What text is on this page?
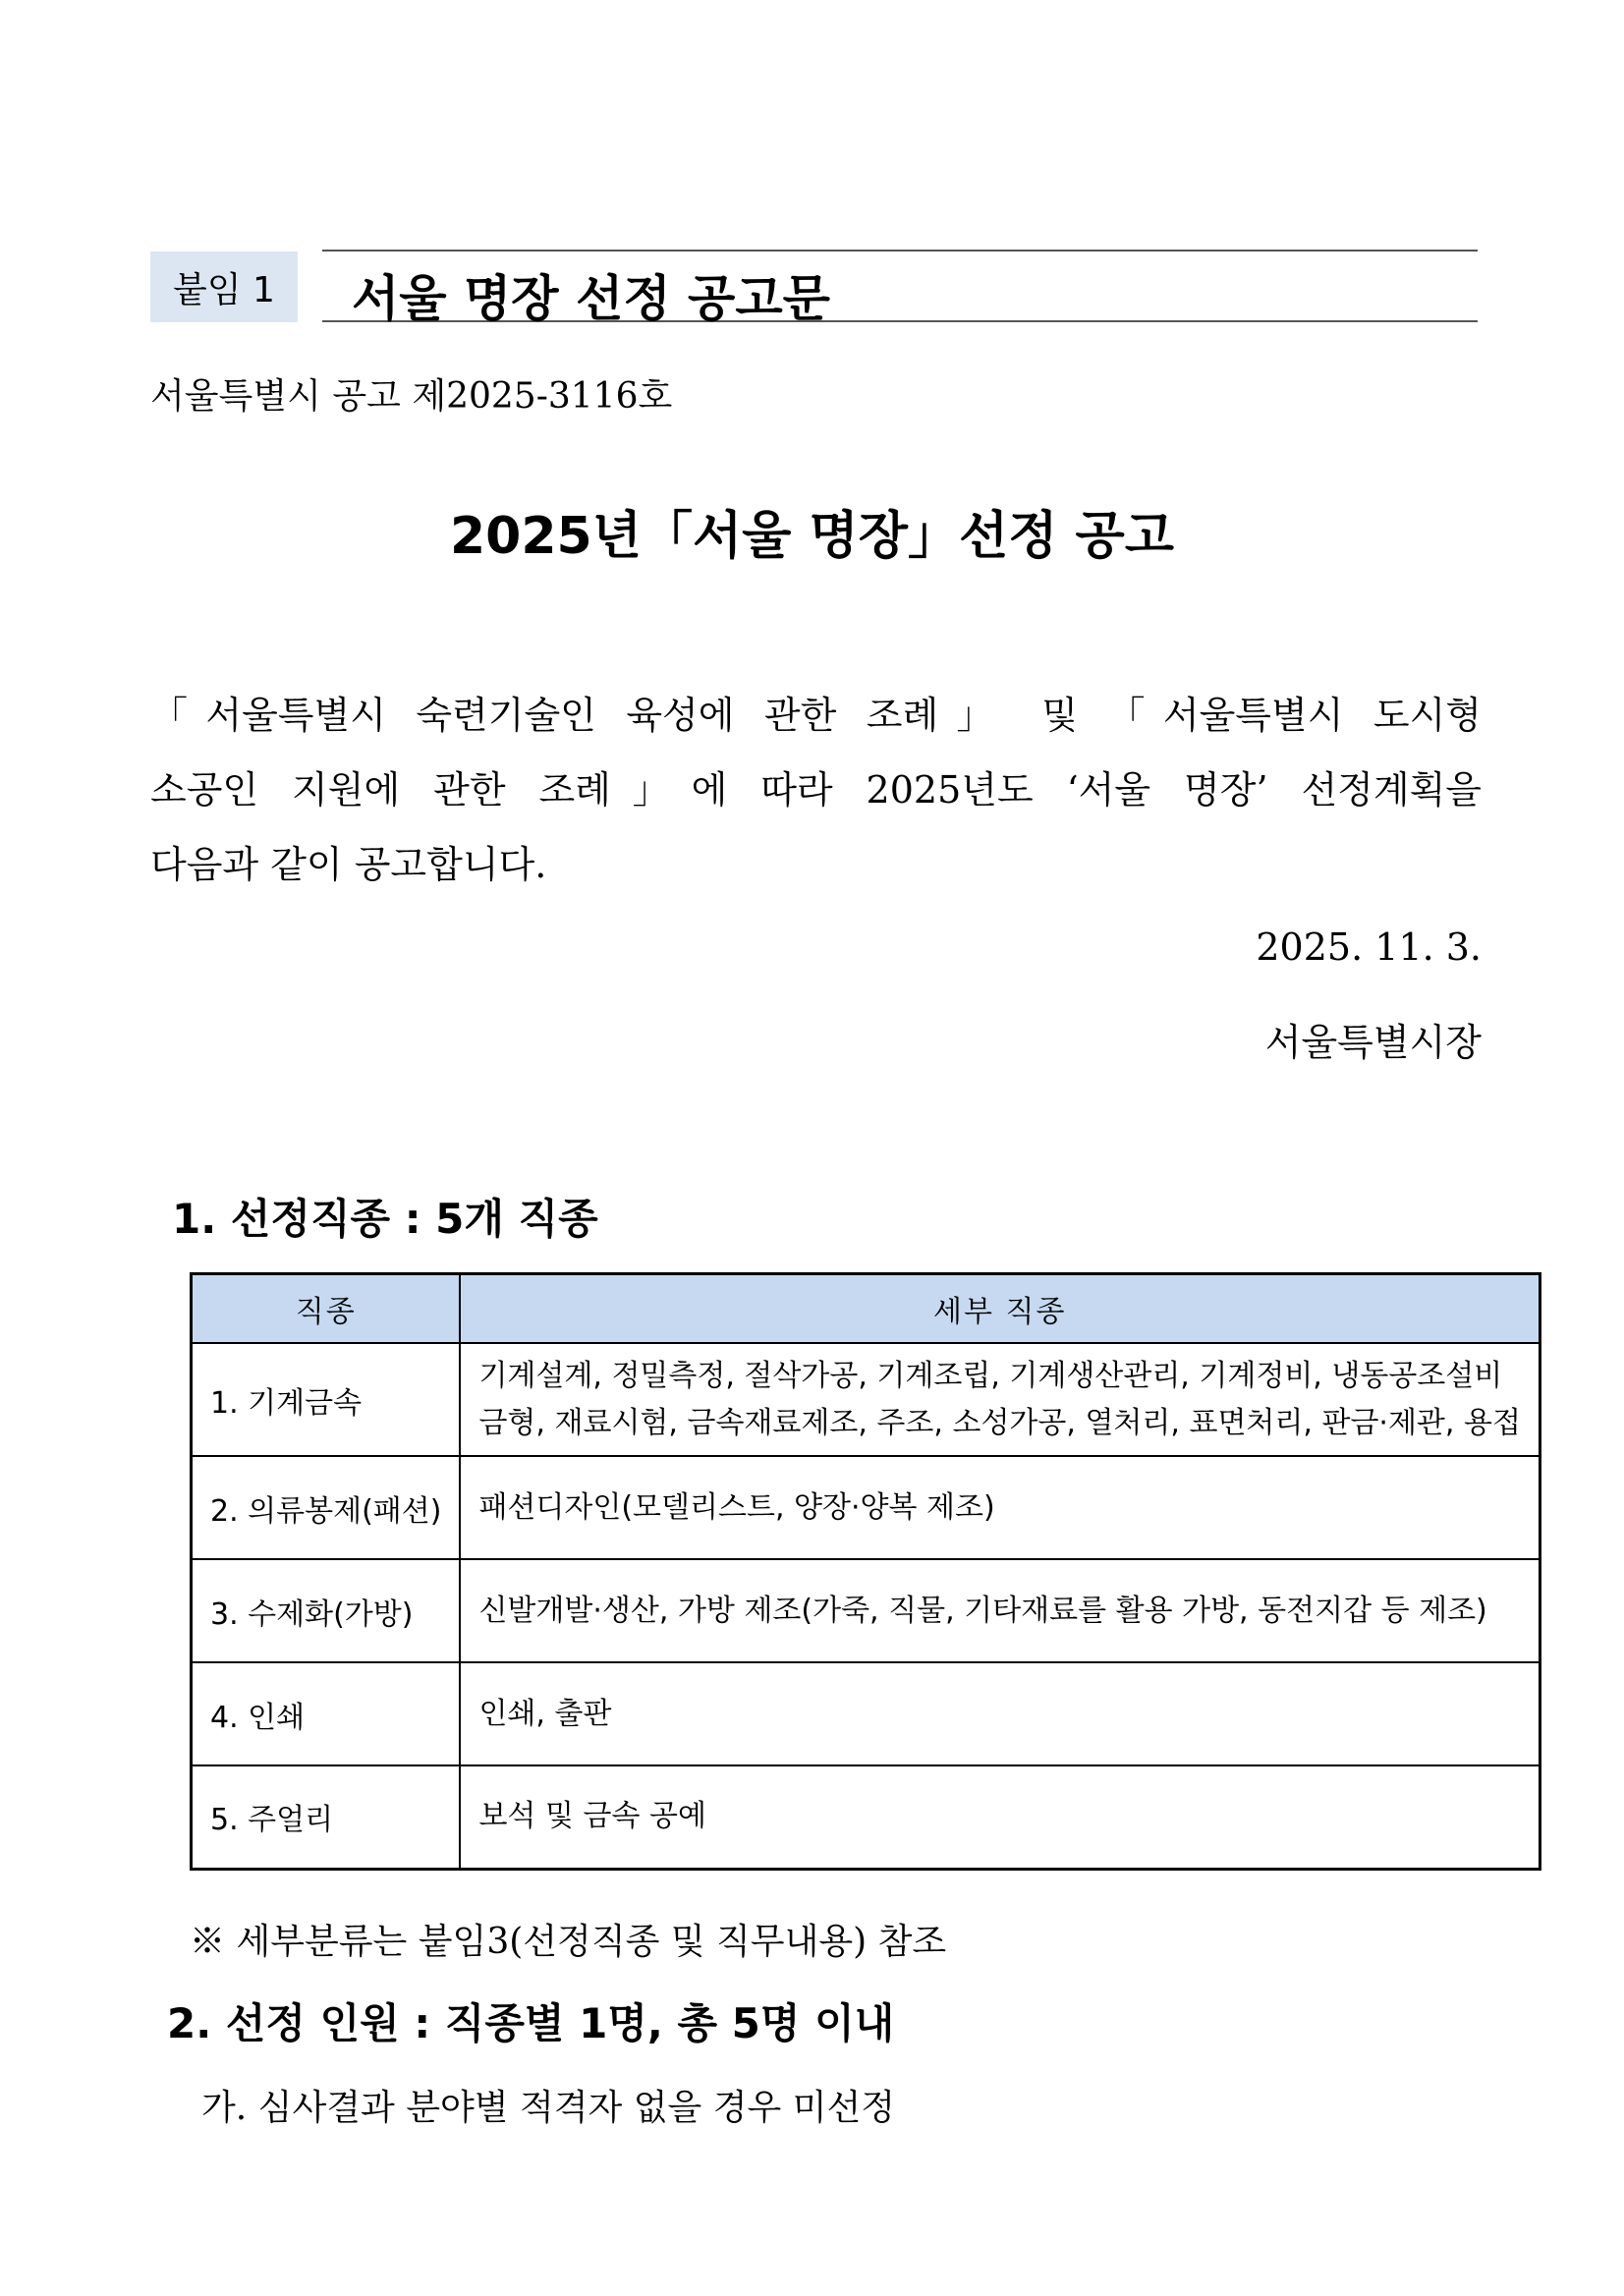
붙임 1 서울 명장 선정 공고문
서울특별시 공고 제2025-3116호
2025년「서울 명장」선정 공고
「서울특별시 숙련기술인 육성에 관한 조례」 및 「서울특별시 도시형
소공인 지원에 관한 조례」에 따라 2025년도 ‘서울 명장’ 선정계획을
다음과 같이 공고합니다.
2025. 11. 3.
서울특별시장
1. 선정직종 : 5개 직종
직종	세부 직종
1. 기계금속	기계설계, 정밀측정, 절삭가공, 기계조립, 기계생산관리, 기계정비, 냉동공조설비
금형, 재료시험, 금속재료제조, 주조, 소성가공, 열처리, 표면처리, 판금·제관, 용접

2. 의류봉제(패션)	패션디자인(모델리스트, 양장·양복 제조)

3. 수제화(가방)	신발개발·생산, 가방 제조(가죽, 직물, 기타재료를 활용 가방, 동전지갑 등 제조)

4. 인쇄	인쇄, 출판

5. 주얼리	보석 및 금속 공예
※ 세부분류는 붙임3(선정직종 및 직무내용) 참조
2. 선정 인원 : 직종별 1명, 총 5명 이내
가. 심사결과 분야별 적격자 없을 경우 미선정
